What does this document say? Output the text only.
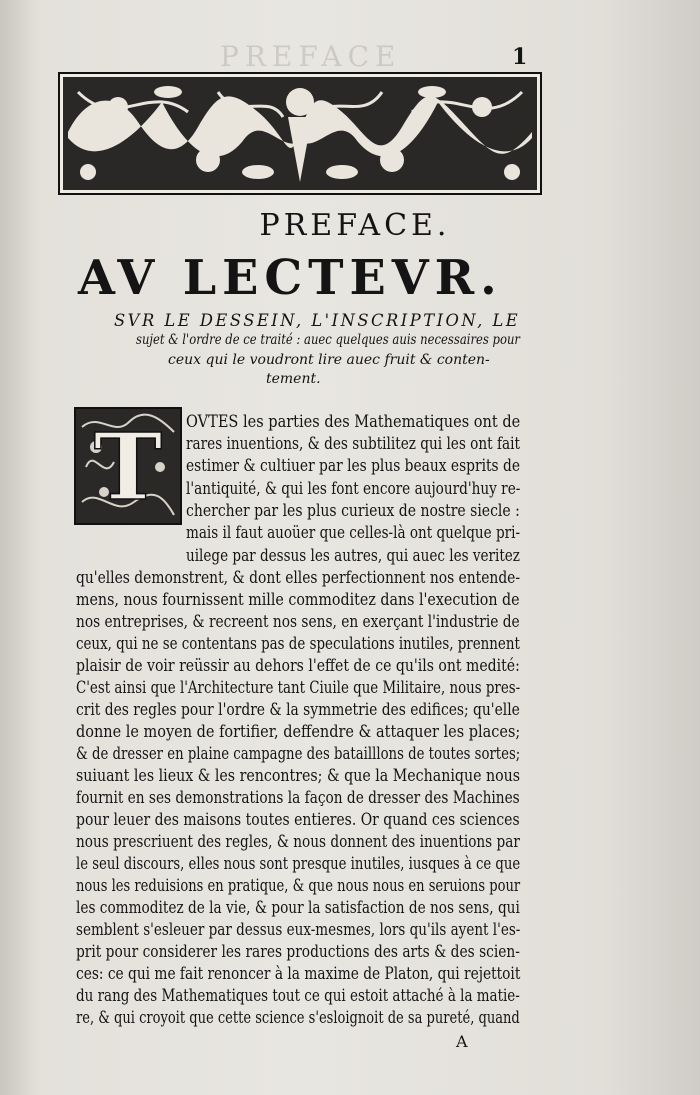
PREFACE	1
PREFACE.
AV LECTEVR.
SVR LE DESSEIN, L'INSCRIPTION, LE
sujet & l'ordre de ce traité : auec quelques auis necessaires pour
ceux qui le voudront lire auec fruit & conten-
tement.
T OVTES les parties des Mathematiques ont de
rares inuentions, & des subtilitez qui les ont fait
estimer & cultiuer par les plus beaux esprits de
l'antiquité, & qui les font encore aujourd'huy re-
chercher par les plus curieux de nostre siecle :
mais il faut auoüer que celles-là ont quelque pri-
uilege par dessus les autres, qui auec les veritez
qu'elles demonstrent, & dont elles perfectionnent nos entende-
mens, nous fournissent mille commoditez dans l'execution de
nos entreprises, & recreent nos sens, en exerçant l'industrie de
ceux, qui ne se contentans pas de speculations inutiles, prennent
plaisir de voir reüssir au dehors l'effet de ce qu'ils ont medité:
C'est ainsi que l'Architecture tant Ciuile que Militaire, nous pres-
crit des regles pour l'ordre & la symmetrie des edifices; qu'elle
donne le moyen de fortifier, deffendre & attaquer les places;
& de dresser en plaine campagne des batailllons de toutes sortes;
suiuant les lieux & les rencontres; & que la Mechanique nous
fournit en ses demonstrations la façon de dresser des Machines
pour leuer des maisons toutes entieres. Or quand ces sciences
nous prescriuent des regles, & nous donnent des inuentions par
le seul discours, elles nous sont presque inutiles, iusques à ce que
nous les reduisions en pratique, & que nous nous en seruions pour
les commoditez de la vie, & pour la satisfaction de nos sens, qui
semblent s'esleuer par dessus eux-mesmes, lors qu'ils ayent l'es-
prit pour considerer les rares productions des arts & des scien-
ces: ce qui me fait renoncer à la maxime de Platon, qui rejettoit
du rang des Mathematiques tout ce qui estoit attaché à la matie-
re, & qui croyoit que cette science s'esloignoit de sa pureté, quand
A
